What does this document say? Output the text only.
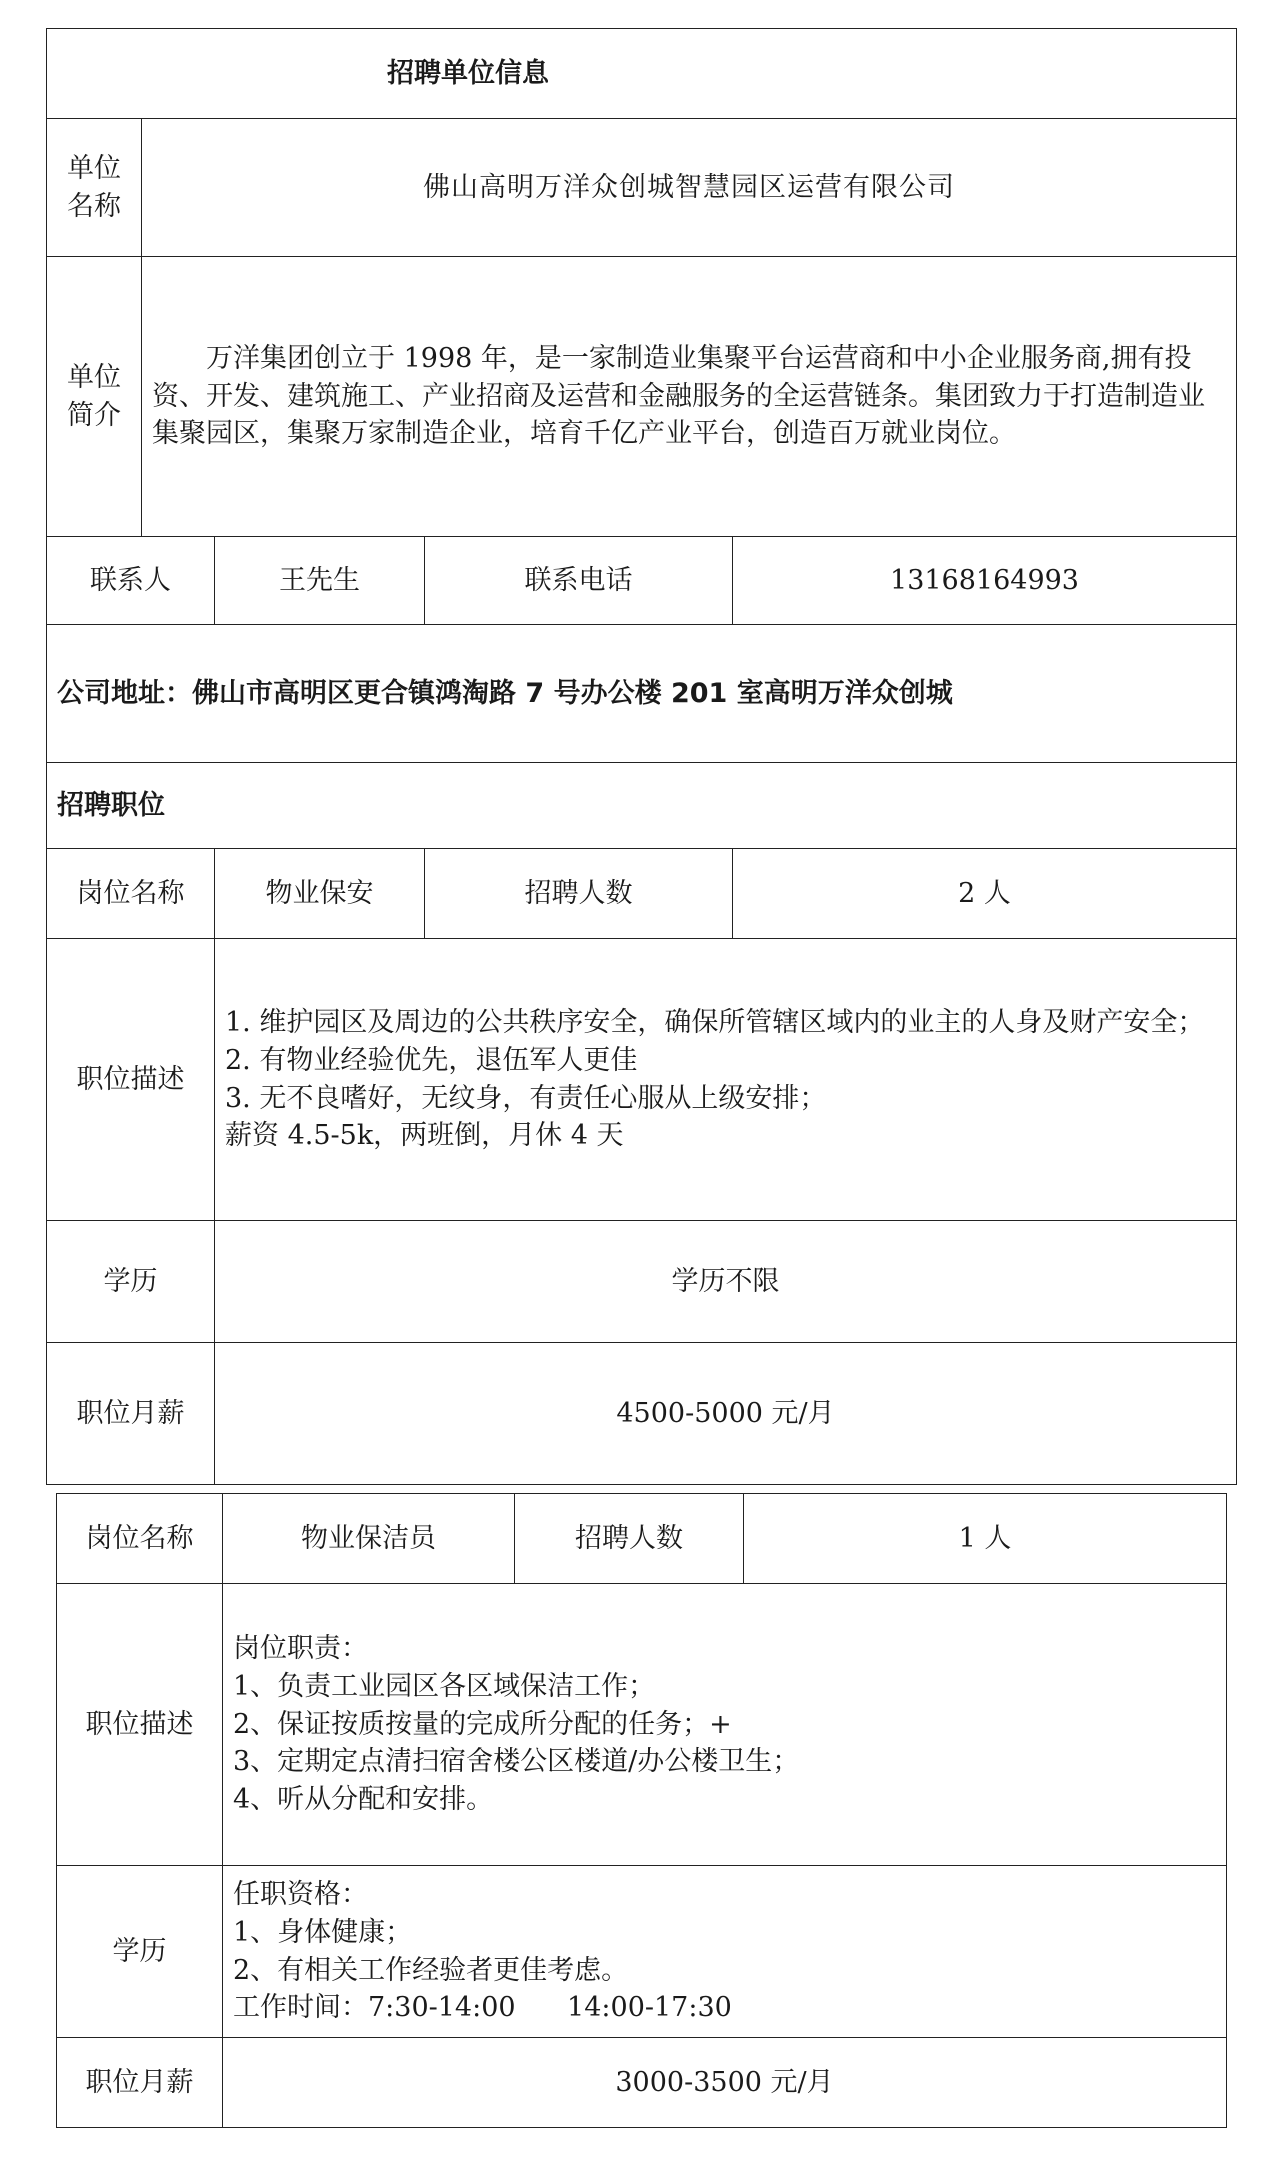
招聘单位信息				
单位名称	佛山高明万洋众创城智慧园区运营有限公司			
单位简介	万洋集团创立于 1998 年，是一家制造业集聚平台运营商和中小企业服务商,拥有投资、开发、建筑施工、产业招商及运营和金融服务的全运营链条。集团致力于打造制造业集聚园区，集聚万家制造企业，培育千亿产业平台，创造百万就业岗位。			
联系人		王先生	联系电话	13168164993
公司地址：佛山市高明区更合镇鸿淘路 7 号办公楼 201 室高明万洋众创城				
招聘职位				
岗位名称		物业保安	招聘人数	2 人
职位描述		1. 维护园区及周边的公共秩序安全，确保所管辖区域内的业主的人身及财产安全；
2. 有物业经验优先，退伍军人更佳
3. 无不良嗜好，无纹身，有责任心服从上级安排；
薪资 4.5-5k，两班倒，月休 4 天		

学历		学历不限		
职位月薪		4500-5000 元/月		
岗位名称	物业保洁员	招聘人数	1 人
职位描述	岗位职责：
1、负责工业园区各区域保洁工作；
2、保证按质按量的完成所分配的任务；+
3、定期定点清扫宿舍楼公区楼道/办公楼卫生；
4、听从分配和安排。		

学历	任职资格：
1、身体健康；
2、有相关工作经验者更佳考虑。
工作时间：7:30-14:00      14:00-17:30		

职位月薪	3000-3500 元/月		
